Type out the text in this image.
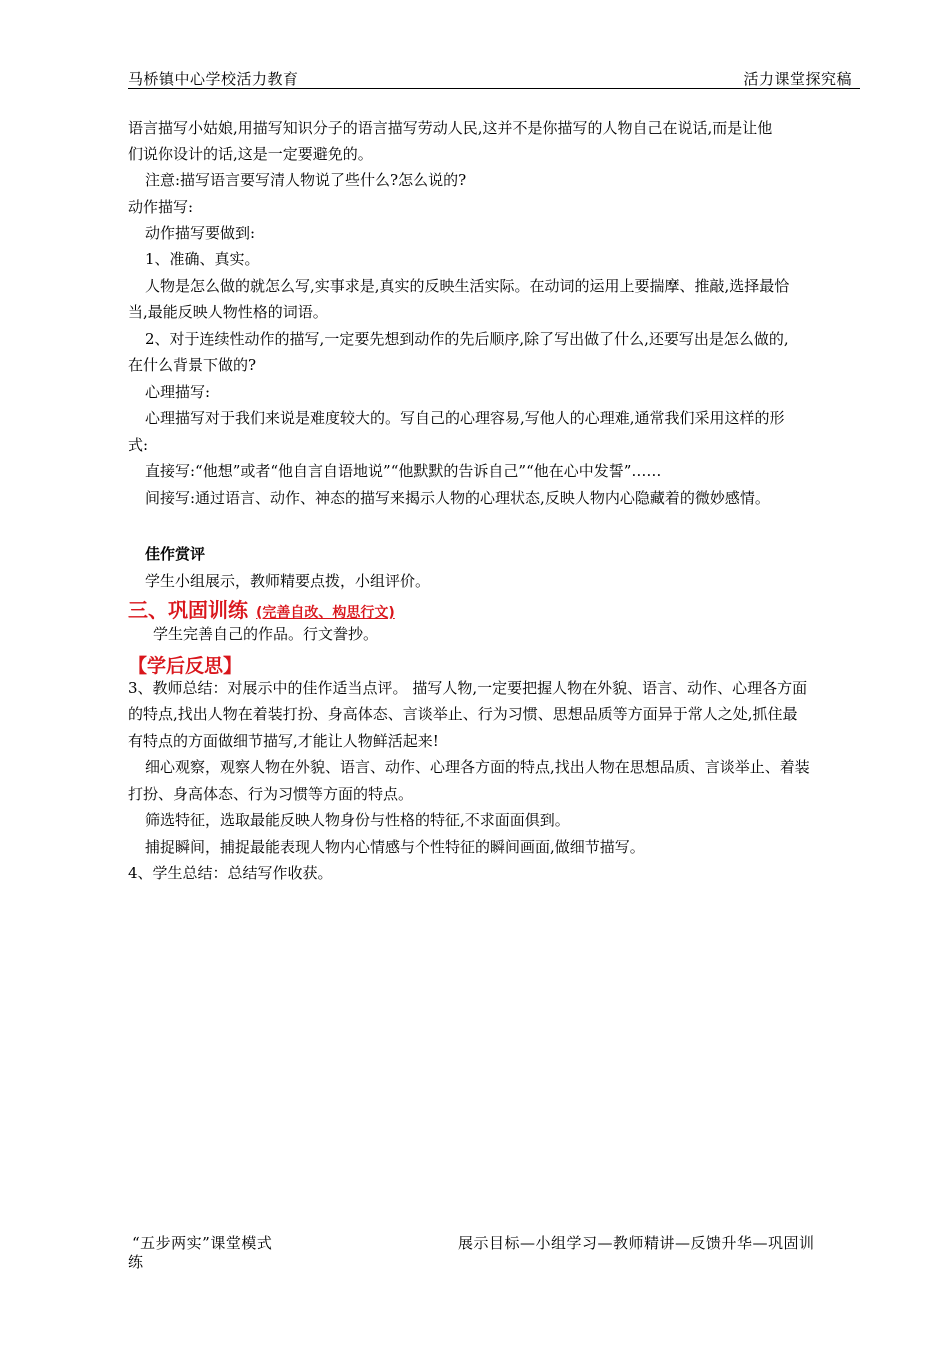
马桥镇中心学校活力教育	活力课堂探究稿
语言描写小姑娘,用描写知识分子的语言描写劳动人民,这并不是你描写的人物自己在说话,而是让他
们说你设计的话,这是一定要避免的。
注意:描写语言要写清人物说了些什么?怎么说的?
动作描写:
动作描写要做到:
1、准确、真实。
人物是怎么做的就怎么写,实事求是,真实的反映生活实际。在动词的运用上要揣摩、推敲,选择最恰
当,最能反映人物性格的词语。
2、对于连续性动作的描写,一定要先想到动作的先后顺序,除了写出做了什么,还要写出是怎么做的,
在什么背景下做的?
心理描写:
心理描写对于我们来说是难度较大的。写自己的心理容易,写他人的心理难,通常我们采用这样的形
式:
直接写:“他想”或者“他自言自语地说”“他默默的告诉自己”“他在心中发誓”……
间接写:通过语言、动作、神态的描写来揭示人物的心理状态,反映人物内心隐藏着的微妙感情。
佳作赏评
学生小组展示，教师精要点拨，小组评价。
三、巩固训练 (完善自改、构思行文)
学生完善自己的作品。行文誊抄。
【学后反思】
3、教师总结：对展示中的佳作适当点评。 描写人物,一定要把握人物在外貌、语言、动作、心理各方面
的特点,找出人物在着装打扮、身高体态、言谈举止、行为习惯、思想品质等方面异于常人之处,抓住最
有特点的方面做细节描写,才能让人物鲜活起来!
细心观察，观察人物在外貌、语言、动作、心理各方面的特点,找出人物在思想品质、言谈举止、着装
打扮、身高体态、行为习惯等方面的特点。
筛选特征，选取最能反映人物身份与性格的特征,不求面面俱到。
捕捉瞬间，捕捉最能表现人物内心情感与个性特征的瞬间画面,做细节描写。
4、学生总结：总结写作收获。
“五步两实”课堂模式	展示目标—小组学习—教师精讲—反馈升华—巩固训
练
